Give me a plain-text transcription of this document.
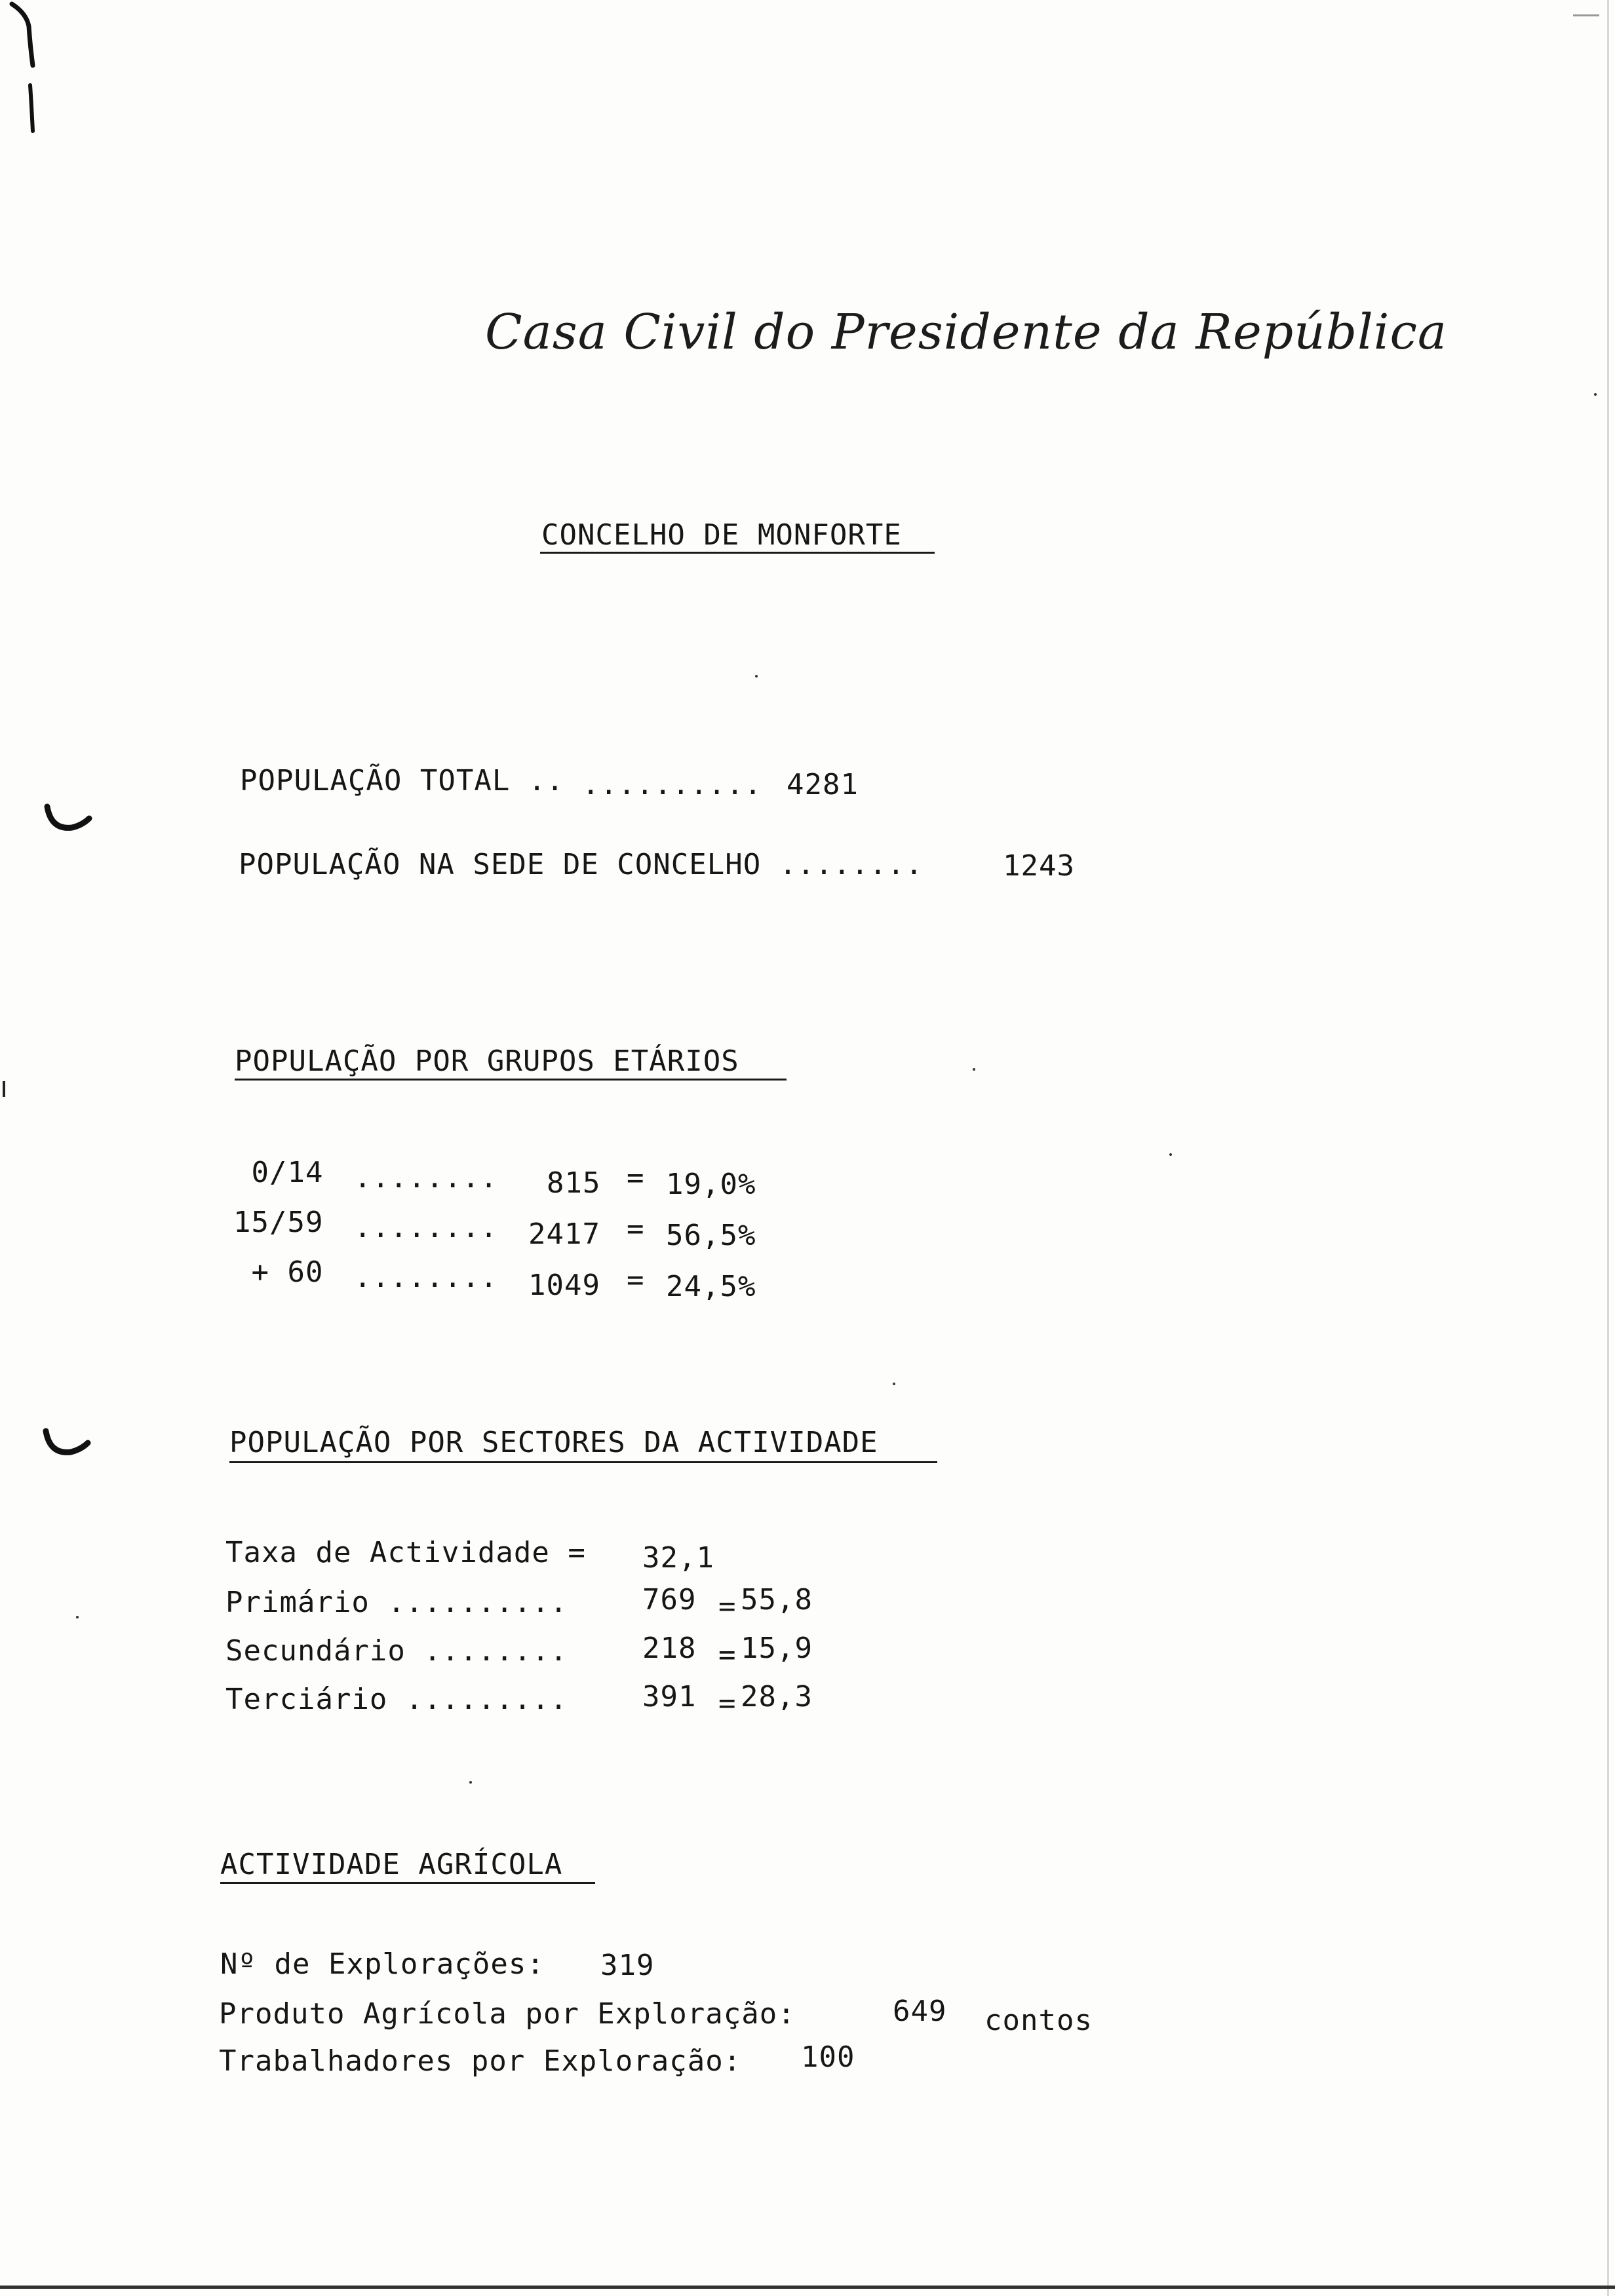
Casa Civil do Presidente da República
CONCELHO DE MONFORTE
POPULAÇÃO TOTAL .. .......... 4281
POPULAÇÃO NA SEDE DE CONCELHO ........	1243
POPULAÇÃO POR GRUPOS ETÁRIOS
0/14 ........ 815 = 19,0%
15/59 ........ 2417 = 56,5%
+ 60 ........ 1049 = 24,5%
POPULAÇÃO POR SECTORES DA ACTIVIDADE
Taxa de Actividade = 32,1
Primário ..........	769 = 55,8
Secundário ........	218 = 15,9
Terciário .........	391 = 28,3
ACTIVIDADE AGRÍCOLA
Nº de Explorações: 319
Produto Agrícola por Exploração:	649 contos
Trabalhadores por Exploração: 100
